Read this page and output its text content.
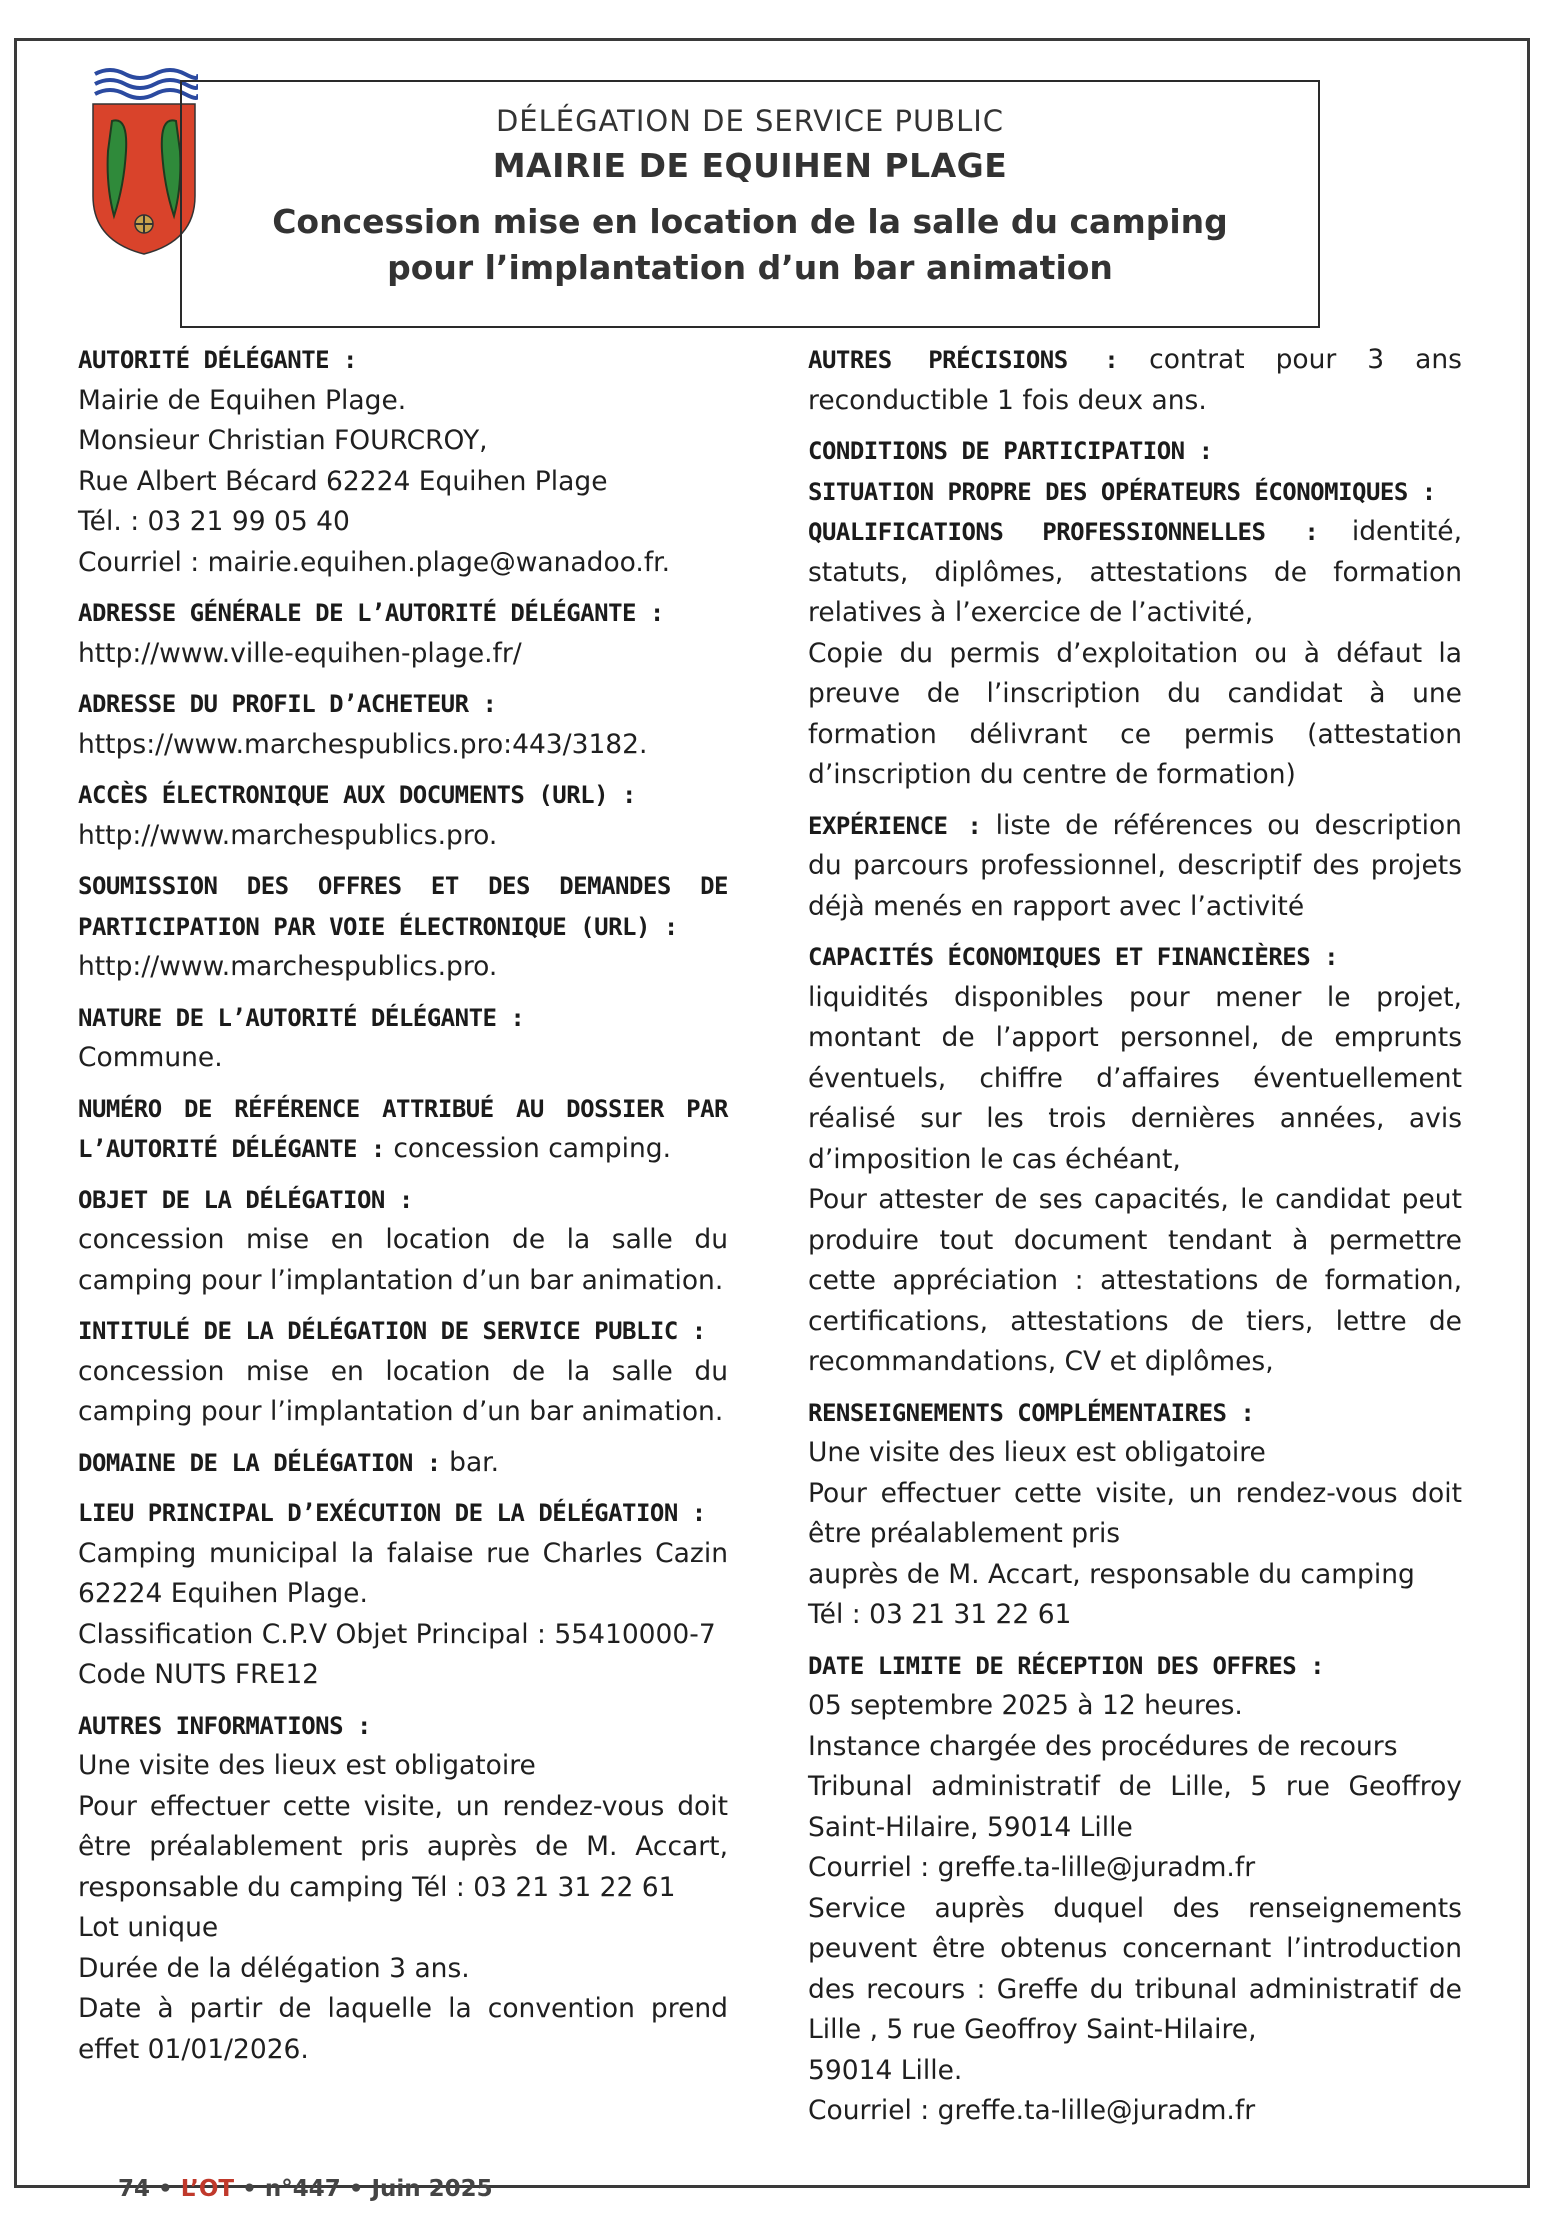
DÉLÉGATION DE SERVICE PUBLIC
MAIRIE DE EQUIHEN PLAGE
Concession mise en location de la salle du camping
pour l’implantation d’un bar animation
AUTORITÉ DÉLÉGANTE :
Mairie de Equihen Plage.
Monsieur Christian FOURCROY,
Rue Albert Bécard 62224 Equihen Plage
Tél. : 03 21 99 05 40
Courriel : mairie.equihen.plage@wanadoo.fr.
ADRESSE GÉNÉRALE DE L’AUTORITÉ DÉLÉGANTE :
http://www.ville-equihen-plage.fr/
ADRESSE DU PROFIL D’ACHETEUR :
https://www.marchespublics.pro:443/3182.
ACCÈS ÉLECTRONIQUE AUX DOCUMENTS (URL) :
http://www.marchespublics.pro.
SOUMISSION DES OFFRES ET DES DEMANDES DE PARTICIPATION PAR VOIE ÉLECTRONIQUE (URL) :
http://www.marchespublics.pro.
NATURE DE L’AUTORITÉ DÉLÉGANTE :
Commune.
NUMÉRO DE RÉFÉRENCE ATTRIBUÉ AU DOSSIER PAR L’AUTORITÉ DÉLÉGANTE : concession camping.
OBJET DE LA DÉLÉGATION :
concession mise en location de la salle du camping pour l’implantation d’un bar animation.
INTITULÉ DE LA DÉLÉGATION DE SERVICE PUBLIC :
concession mise en location de la salle du camping pour l’implantation d’un bar animation.
DOMAINE DE LA DÉLÉGATION : bar.
LIEU PRINCIPAL D’EXÉCUTION DE LA DÉLÉGATION :
Camping municipal la falaise rue Charles Cazin 62224 Equihen Plage.
Classification C.P.V Objet Principal : 55410000-7
Code NUTS FRE12
AUTRES INFORMATIONS :
Une visite des lieux est obligatoire
Pour effectuer cette visite, un rendez-vous doit être préalablement pris auprès de M. Accart, responsable du camping Tél : 03 21 31 22 61
Lot unique
Durée de la délégation 3 ans.
Date à partir de laquelle la convention prend effet 01/01/2026.
AUTRES PRÉCISIONS : contrat pour 3 ans reconductible 1 fois deux ans.
CONDITIONS DE PARTICIPATION :
SITUATION PROPRE DES OPÉRATEURS ÉCONOMIQUES :
QUALIFICATIONS PROFESSIONNELLES : identité, statuts, diplômes, attestations de formation relatives à l’exercice de l’activité,
Copie du permis d’exploitation ou à défaut la preuve de l’inscription du candidat à une formation délivrant ce permis (attestation d’inscription du centre de formation)
EXPÉRIENCE : liste de références ou description du parcours professionnel, descriptif des projets déjà menés en rapport avec l’activité
CAPACITÉS ÉCONOMIQUES ET FINANCIÈRES :
liquidités disponibles pour mener le projet, montant de l’apport personnel, de emprunts éventuels, chiffre d’affaires éventuellement réalisé sur les trois dernières années, avis d’imposition le cas échéant,
Pour attester de ses capacités, le candidat peut produire tout document tendant à permettre cette appréciation : attestations de formation, certifications, attestations de tiers, lettre de recommandations, CV et diplômes,
RENSEIGNEMENTS COMPLÉMENTAIRES :
Une visite des lieux est obligatoire
Pour effectuer cette visite, un rendez-vous doit être préalablement pris
auprès de M. Accart, responsable du camping
Tél : 03 21 31 22 61
DATE LIMITE DE RÉCEPTION DES OFFRES :
05 septembre 2025 à 12 heures.
Instance chargée des procédures de recours
Tribunal administratif de Lille, 5 rue Geoffroy Saint-Hilaire, 59014 Lille
Courriel : greffe.ta-lille@juradm.fr
Service auprès duquel des renseignements peuvent être obtenus concernant l’introduction des recours : Greffe du tribunal administratif de Lille , 5 rue Geoffroy Saint-Hilaire,
59014 Lille.
Courriel : greffe.ta-lille@juradm.fr
74 • L’OT • n°447 • Juin 2025
